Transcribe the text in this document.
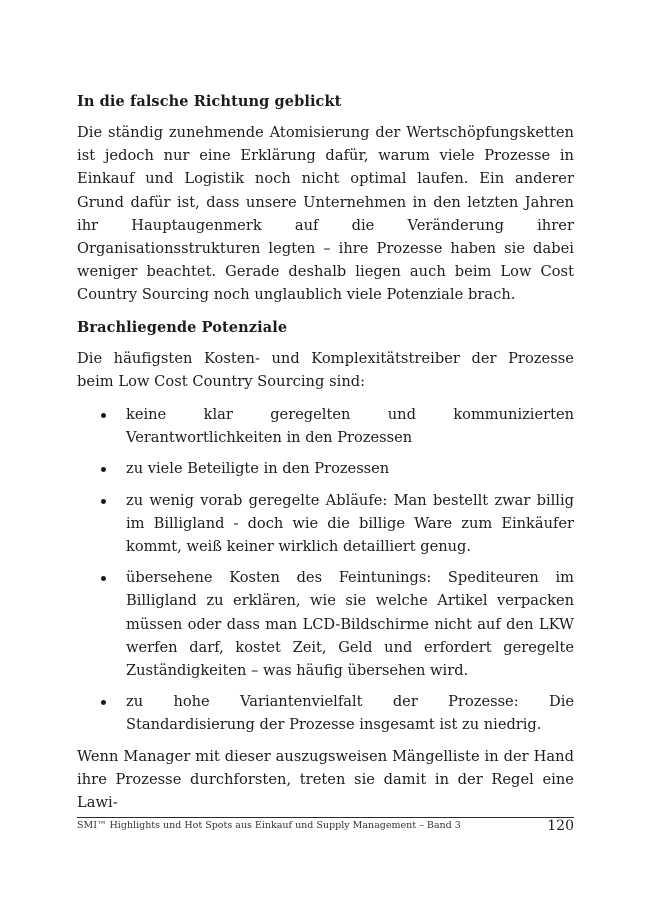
In die falsche Richtung geblickt

Die ständig zunehmende Atomisierung der Wertschöpfungsketten ist jedoch nur eine Erklärung dafür, warum viele Prozesse in Einkauf und Logistik noch nicht optimal laufen. Ein anderer Grund dafür ist, dass unsere Unternehmen in den letzten Jahren ihr Hauptaugenmerk auf die Veränderung ihrer Organisationsstrukturen legten – ihre Prozesse haben sie dabei weniger beachtet. Gerade deshalb liegen auch beim Low Cost Country Sourcing noch unglaublich viele Potenziale brach.

Brachliegende Potenziale

Die häufigsten Kosten- und Komplexitätstreiber der Prozesse beim Low Cost Country Sourcing sind:

keine klar geregelten und kommunizierten Verantwortlichkeiten in den Prozessen
zu viele Beteiligte in den Prozessen
zu wenig vorab geregelte Abläufe: Man bestellt zwar billig im Billigland - doch wie die billige Ware zum Einkäufer kommt, weiß keiner wirklich detailliert genug.
übersehene Kosten des Feintunings: Spediteuren im Billigland zu erklären, wie sie welche Artikel verpacken müssen oder dass man LCD-Bildschirme nicht auf den LKW werfen darf, kostet Zeit, Geld und erfordert geregelte Zuständigkeiten – was häufig übersehen wird.
zu hohe Variantenvielfalt der Prozesse: Die Standardisierung der Prozesse insgesamt ist zu niedrig.

Wenn Manager mit dieser auszugsweisen Mängelliste in der Hand ihre Prozesse durchforsten, treten sie damit in der Regel eine Lawi-

SMI™ Highlights und Hot Spots aus Einkauf und Supply Management – Band 3	120
